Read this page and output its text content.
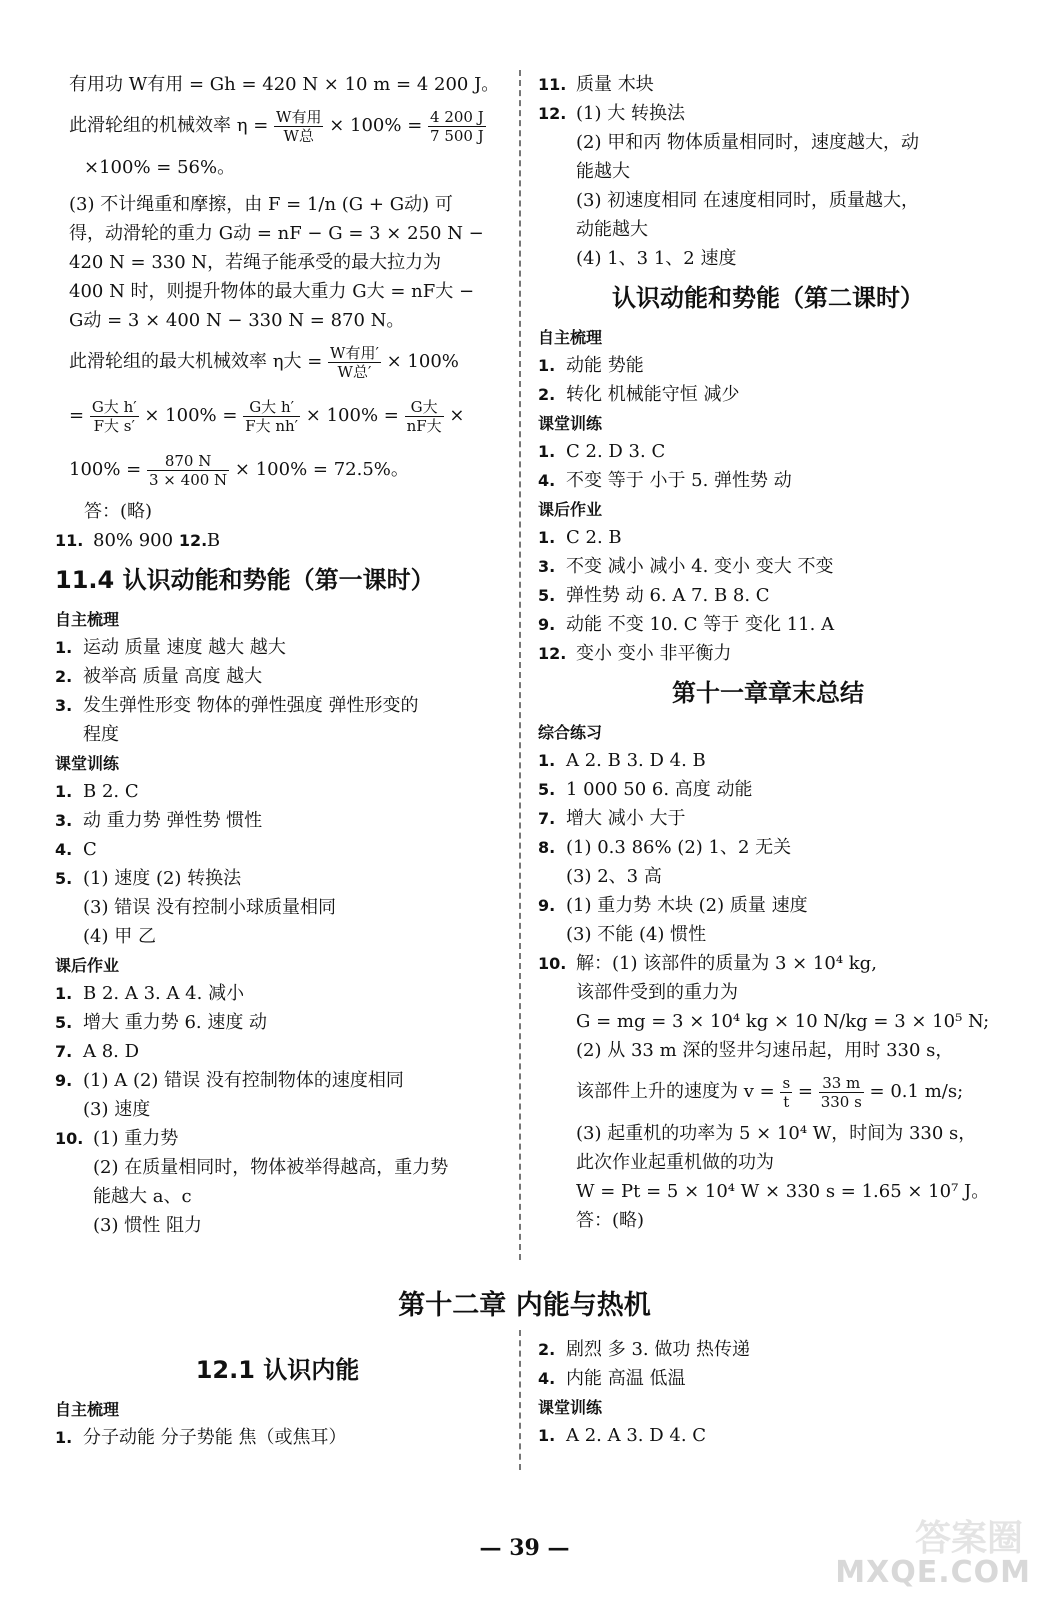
有用功 W有用 = Gh = 420 N × 10 m = 4 200 J。
此滑轮组的机械效率 $\eta = \frac{\text{W有用}}{\text{W总}} \times 100\% = \frac{4 200 J}{7 500 J}$
×100% = 56%。
(3) 不计绳重和摩擦，由 F = 1/n (G + G动) 可
得，动滑轮的重力 G动 = nF − G = 3 × 250 N −
420 N = 330 N，若绳子能承受的最大拉力为
400 N 时，则提升物体的最大重力 G大 = nF大 −
G动 = 3 × 400 N − 330 N = 870 N。
此滑轮组的最大机械效率 η大 = $\frac{\text{W有用′}}{\text{W总′}} \times 100\%$
= $\frac{\text{G大 h′}}{\text{F大 s′}} \times 100\% = \frac{\text{G大 h′}}{\text{F大 nh′}} \times 100\% = \frac{\text{G大}}{\text{nF大}}$ ×
$100\% = \frac{870 N}{3 \times 400 N} \times 100\% = 72.5\%$。
答：(略)
11. 80% 900 12.B
11.4 认识动能和势能（第一课时）
自主梳理
1. 运动 质量 速度 越大 越大
2. 被举高 质量 高度 越大
3. 发生弹性形变 物体的弹性强度 弹性形变的
程度
课堂训练
1. B 2. C
3. 动 重力势 弹性势 惯性
4. C
5. (1) 速度 (2) 转换法
(3) 错误 没有控制小球质量相同
(4) 甲 乙
课后作业
1. B 2. A 3. A 4. 减小
5. 增大 重力势 6. 速度 动
7. A 8. D
9. (1) A (2) 错误 没有控制物体的速度相同
(3) 速度
10. (1) 重力势
(2) 在质量相同时，物体被举得越高，重力势
能越大 a、c
(3) 惯性 阻力
11. 质量 木块
12. (1) 大 转换法
(2) 甲和丙 物体质量相同时，速度越大，动
能越大
(3) 初速度相同 在速度相同时，质量越大，
动能越大
(4) 1、3 1、2 速度
认识动能和势能（第二课时）
自主梳理
1. 动能 势能
2. 转化 机械能守恒 减少
课堂训练
1. C 2. D 3. C
4. 不变 等于 小于 5. 弹性势 动
课后作业
1. C 2. B
3. 不变 减小 减小 4. 变小 变大 不变
5. 弹性势 动 6. A 7. B 8. C
9. 动能 不变 10. C 等于 变化 11. A
12. 变小 变小 非平衡力
第十一章章末总结
综合练习
1. A 2. B 3. D 4. B
5. 1 000 50 6. 高度 动能
7. 增大 减小 大于
8. (1) 0.3 86% (2) 1、2 无关
(3) 2、3 高
9. (1) 重力势 木块 (2) 质量 速度
(3) 不能 (4) 惯性
10. 解：(1) 该部件的质量为 3 × 10⁴ kg,
该部件受到的重力为
G = mg = 3 × 10⁴ kg × 10 N/kg = 3 × 10⁵ N;
(2) 从 33 m 深的竖井匀速吊起，用时 330 s，
该部件上升的速度为 $v = \frac{s}{t} = \frac{33 m}{330 s} = 0.1$ m/s;
(3) 起重机的功率为 5 × 10⁴ W，时间为 330 s，
此次作业起重机做的功为
W = Pt = 5 × 10⁴ W × 330 s = 1.65 × 10⁷ J。
答：(略)
第十二章 内能与热机
12.1 认识内能
自主梳理
1. 分子动能 分子势能 焦（或焦耳）
2. 剧烈 多 3. 做功 热传递
4. 内能 高温 低温
课堂训练
1. A 2. A 3. D 4. C
— 39 —	答案圈
MXQE.COM
